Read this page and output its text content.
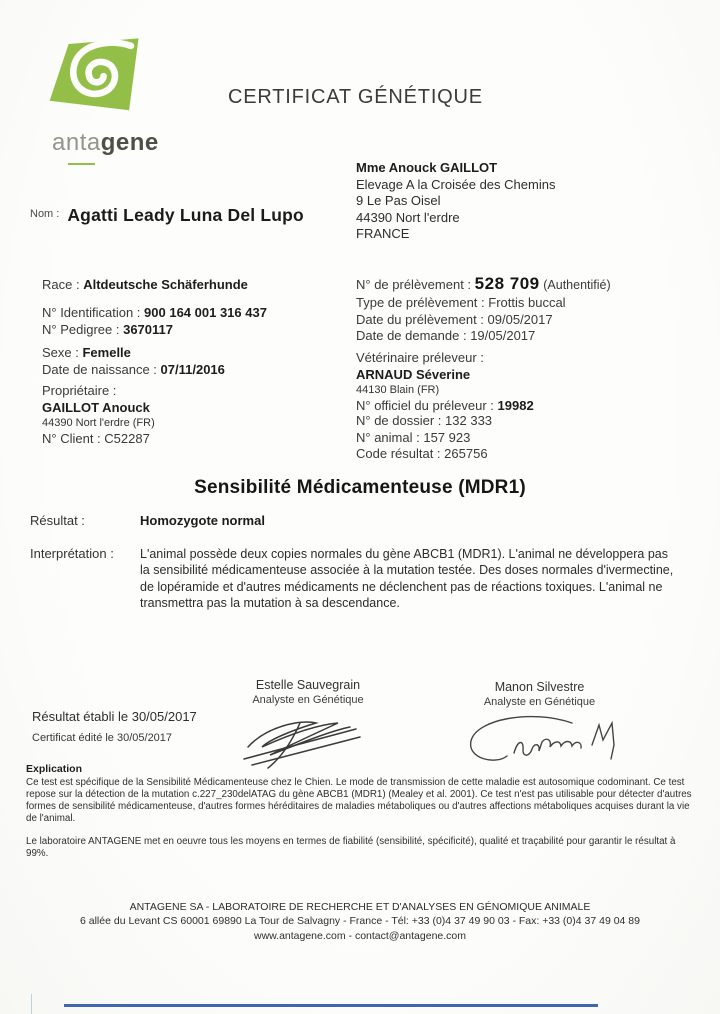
antagene
CERTIFICAT GÉNÉTIQUE
Mme Anouck GAILLOT
Elevage A la Croisée des Chemins
9 Le Pas Oisel
44390 Nort l'erdre
FRANCE
$^{Nom :}$ Agatti Leady Luna Del Lupo
Race : Altdeutsche Schäferhunde
N° Identification : 900 164 001 316 437
N° Pedigree : 3670117
Sexe : Femelle
Date de naissance : 07/11/2016
Propriétaire :
GAILLOT Anouck
44390 Nort l'erdre (FR)
N° Client : C52287
N° de prélèvement : 528 709 (Authentifié)
Type de prélèvement : Frottis buccal
Date du prélèvement : 09/05/2017
Date de demande : 19/05/2017
Vétérinaire préleveur :
ARNAUD Séverine
44130 Blain (FR)
N° officiel du préleveur : 19982
N° de dossier : 132 333
N° animal : 157 923
Code résultat : 265756
Sensibilité Médicamenteuse (MDR1)
Résultat :	Homozygote normal
Interprétation : L'animal possède deux copies normales du gène ABCB1 (MDR1). L'animal ne développera pas la sensibilité médicamenteuse associée à la mutation testée. Des doses normales d'ivermectine, de lopéramide et d'autres médicaments ne déclenchent pas de réactions toxiques. L'animal ne transmettra pas la mutation à sa descendance.
Estelle Sauvegrain
Analyste en Génétique
Manon Silvestre
Analyste en Génétique
Résultat établi le 30/05/2017
Certificat édité le 30/05/2017
Explication
Ce test est spécifique de la Sensibilité Médicamenteuse chez le Chien. Le mode de transmission de cette maladie est autosomique codominant. Ce test repose sur la détection de la mutation c.227_230delATAG du gène ABCB1 (MDR1) (Mealey et al. 2001). Ce test n'est pas utilisable pour détecter d'autres formes de sensibilité médicamenteuse, d'autres formes héréditaires de maladies métaboliques ou d'autres affections métaboliques acquises durant la vie de l'animal.
Le laboratoire ANTAGENE met en oeuvre tous les moyens en termes de fiabilité (sensibilité, spécificité), qualité et traçabilité pour garantir le résultat à 99%.
ANTAGENE SA - LABORATOIRE DE RECHERCHE ET D'ANALYSES EN GÉNOMIQUE ANIMALE
6 allée du Levant CS 60001 69890 La Tour de Salvagny - France - Tél: +33 (0)4 37 49 90 03 - Fax: +33 (0)4 37 49 04 89
www.antagene.com - contact@antagene.com
